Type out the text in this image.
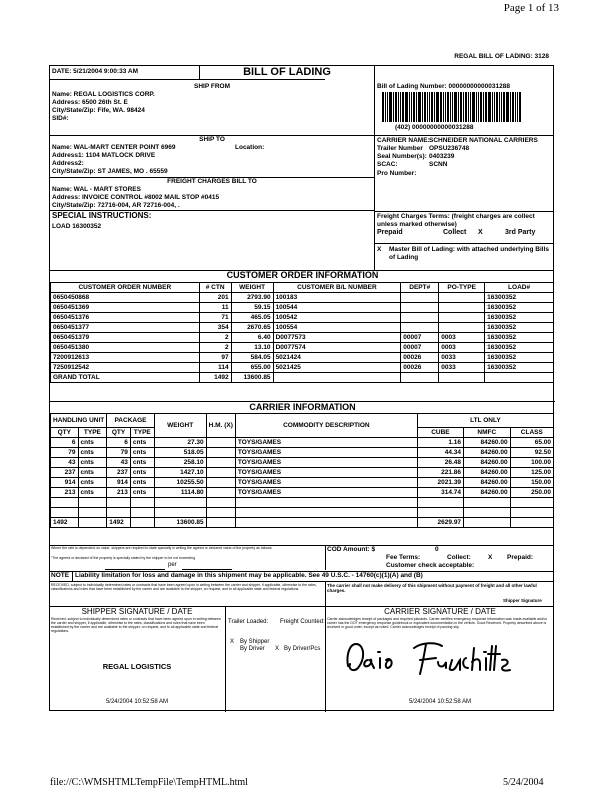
Page 1 of 13
REGAL BILL OF LADING: 3128
DATE: 5/21/2004 9:00:33 AM	BILL OF LADING
SHIP FROM
Name: REGAL LOGISTICS CORP.
Address: 6500 26th St. E
City/State/Zip: Fife, WA. 98424
SID#:
Bill of Lading Number: 00000000000031288
(402) 00000000000031288
SHIP TO
Name: WAL-MART CENTER POINT 6969	Location:
Address1: 1104 MATLOCK DRIVE
Address2:
City/State/Zip: ST JAMES, MO . 65559
CARRIER NAME: SCHNEIDER NATIONAL CARRIERS
Trailer Number OPSU236748
Seal Number(s): 0403239
SCAC:	SCNN
Pro Number:
FREIGHT CHARGES BILL TO
Name: WAL - MART STORES
Address: INVOICE CONTROL #8002 MAIL STOP #0415
City/State/Zip: 72716-004, AR 72716-004, .
SPECIAL INSTRUCTIONS:
LOAD 16300352
Freight Charges Terms: (freight charges are collect unless marked otherwise)
Prepaid	Collect X	3rd Party
X Master Bill of Lading: with attached underlying Bills of Lading
CUSTOMER ORDER INFORMATION
CUSTOMER ORDER NUMBER	# CTN	WEIGHT	CUSTOMER B/L NUMBER	DEPT#	PO-TYPE	LOAD#
0650450868	201	2793.90	100183			16300352
0650451369	11	59.15	100544			16300352
0650451376	71	465.05	100542			16300352
0650451377	354	2670.65	100554			16300352
0650451379	2	6.40	D0077573	00007	0003	16300352
0650451380	2	13.10	D0077574	00007	0003	16300352
7200912613	97	584.05	5021424	00026	0033	16300352
7250912542	114	655.00	5021425	00026	0033	16300352
GRAND TOTAL	1492	13600.85				
CARRIER INFORMATION
HANDLING UNIT		PACKAGE		WEIGHT	H.M. (X)	COMMODITY DESCRIPTION	LTL ONLY		
QTY	TYPE	QTY	TYPE				CUBE	NMFC	CLASS
6	cnts	6	cnts	27.30		TOYS/GAMES	1.16	84260.00	65.00
79	cnts	79	cnts	518.05		TOYS/GAMES	44.34	84260.00	92.50
43	cnts	43	cnts	258.10		TOYS/GAMES	26.48	84260.00	100.00
237	cnts	237	cnts	1427.10		TOYS/GAMES	221.86	84260.00	125.00
914	cnts	914	cnts	10255.50		TOYS/GAMES	2021.39	84260.00	150.00
213	cnts	213	cnts	1114.80		TOYS/GAMES	314.74	84260.00	250.00

1492		1492		13600.85			2629.97		
Where the rate is dependent on value, shippers are required to state specially in writing the agreed or declared value of the property as follows:
"The agreed or declared of the property is specially stated by the shipper to be not exceeding
per
COD Amount: $	0
Fee Terms:	Collect:	X Prepaid:
Customer check acceptable:
NOTE Liability limitation for loss and damage in this shipment may be applicable. See 49 U.S.C. - 14760(c)(1)(A) and (B)
RECEIVED, subject to individually determined rates or contracts that have been agreed upon in writing between the carrier and shipper, if applicable, otherwise to the rates, classifications and rules that have been established by the carrier and are available to the shipper, on request, and to all applicable state and federal regulations.
The carrier shall not make delivery of this shipment without payment of freight and all other lawful charges.
Shipper Signature
SHIPPER SIGNATURE / DATE
Received, subject to individually determined rates or contracts that have been agreed upon in writing between the carrier and shipper, if applicable, otherwise to the rates, classifications and rules that have been established by the carrier and are available to the shipper, on request, and to all applicable state and federal regulations.
REGAL LOGISTICS
5/24/2004 10:52:58 AM
Trailer Loaded: Freight Counted:
X By Shipper
By Driver X By Driver/Pcs
CARRIER SIGNATURE / DATE
Carrier acknowledges receipt of packages and required placards. Carrier certifies emergency response information was made available and/or carrier has the DOT emergency response guidebook or equivalent documentation in the vehicle. Good Received. Property described above is received in good order, except as noted. Carrier acknowledges receipt of packing slip.
5/24/2004 10:52:58 AM
file://C:\WMSHTMLTempFile\TempHTML.html	5/24/2004
